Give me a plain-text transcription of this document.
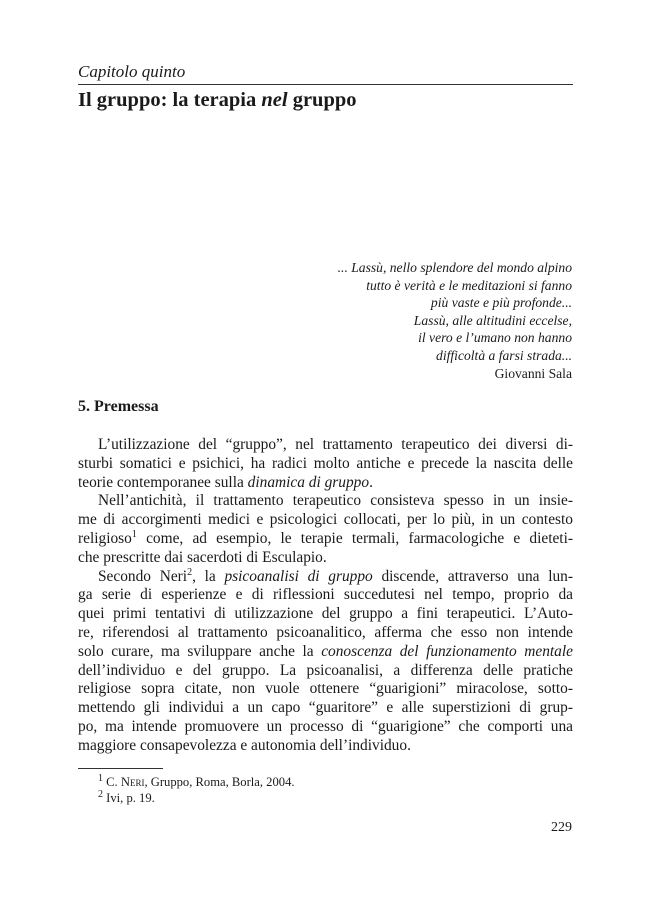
Capitolo quinto
Il gruppo: la terapia nel gruppo
... Lassù, nello splendore del mondo alpino
tutto è verità e le meditazioni si fanno
più vaste e più profonde...
Lassù, alle altitudini eccelse,
il vero e l’umano non hanno
difficoltà a farsi strada...
Giovanni Sala
5. Premessa
L’utilizzazione del “gruppo”, nel trattamento terapeutico dei diversi di-
sturbi somatici e psichici, ha radici molto antiche e precede la nascita delle
teorie contemporanee sulla dinamica di gruppo.
Nell’antichità, il trattamento terapeutico consisteva spesso in un insie-
me di accorgimenti medici e psicologici collocati, per lo più, in un contesto
religioso$^1$ come, ad esempio, le terapie termali, farmacologiche e dieteti-
che prescritte dai sacerdoti di Esculapio.
Secondo Neri$^2$, la psicoanalisi di gruppo discende, attraverso una lun-
ga serie di esperienze e di riflessioni succedutesi nel tempo, proprio da
quei primi tentativi di utilizzazione del gruppo a fini terapeutici. L’Auto-
re, riferendosi al trattamento psicoanalitico, afferma che esso non intende
solo curare, ma sviluppare anche la conoscenza del funzionamento mentale
dell’individuo e del gruppo. La psicoanalisi, a differenza delle pratiche
religiose sopra citate, non vuole ottenere “guarigioni” miracolose, sotto-
mettendo gli individui a un capo “guaritore” e alle superstizioni di grup-
po, ma intende promuovere un processo di “guarigione” che comporti una
maggiore consapevolezza e autonomia dell’individuo.
$^1$ C. Neri, Gruppo, Roma, Borla, 2004.
$^2$ Ivi, p. 19.
229
